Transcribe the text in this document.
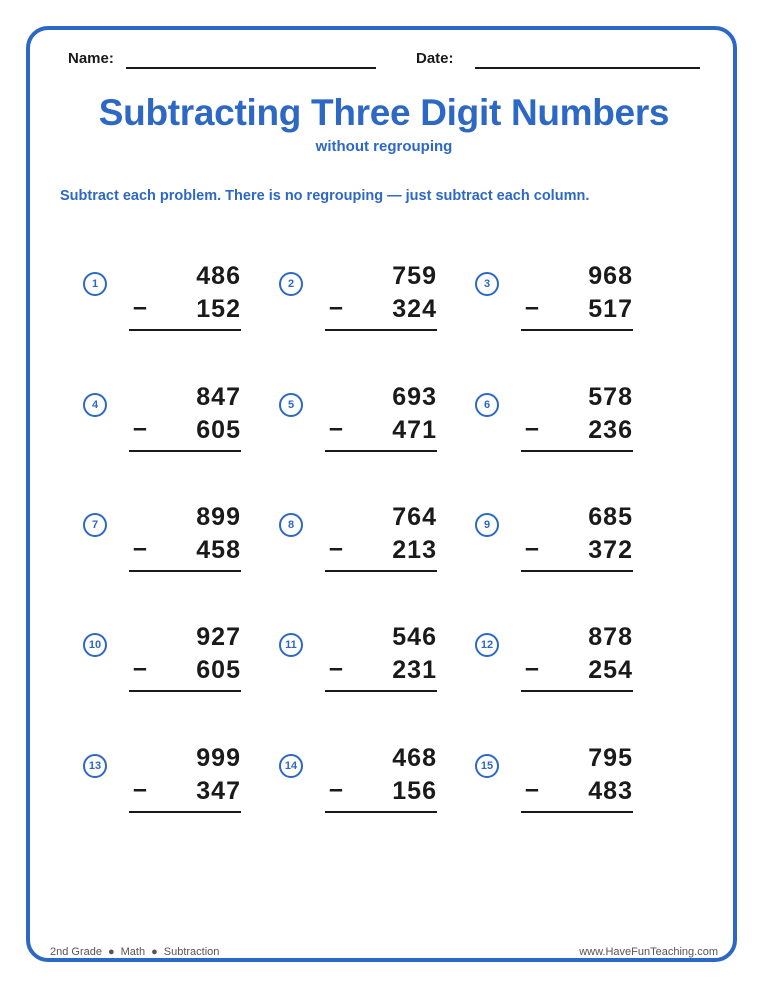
Name:	Date:
Subtracting Three Digit Numbers
without regrouping
Subtract each problem. There is no regrouping — just subtract each column.
1	486
–	152
2	759
–	324
3	968
–	517
4	847
–	605
5	693
–	471
6	578
–	236
7	899
–	458
8	764
–	213
9	685
–	372
10	927
–	605
11	546
–	231
12	878
–	254
13	999
–	347
14	468
–	156
15	795
–	483
2nd Grade ● Math ● Subtraction	www.HaveFunTeaching.com
